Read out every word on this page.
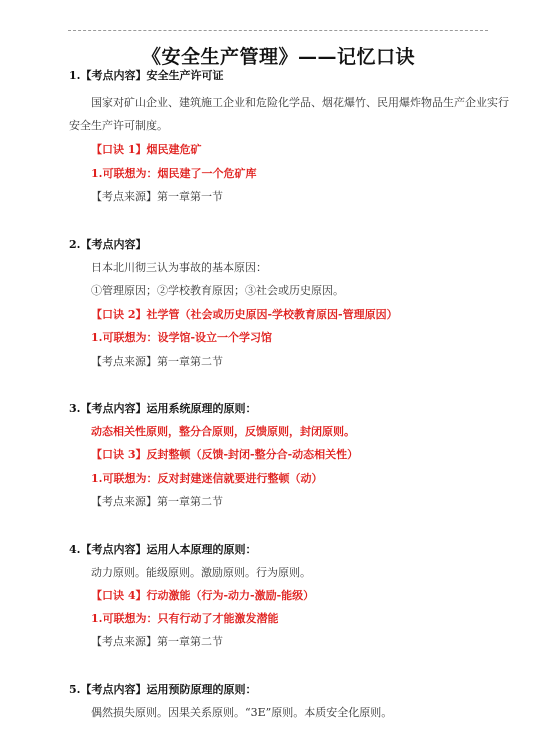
《安全生产管理》——记忆口诀
1.【考点内容】安全生产许可证
国家对矿山企业、建筑施工企业和危险化学品、烟花爆竹、民用爆炸物品生产企业实行
安全生产许可制度。
【口诀 1】烟民建危矿
1.可联想为：烟民建了一个危矿库
【考点来源】第一章第一节
2.【考点内容】
日本北川彻三认为事故的基本原因：
①管理原因；②学校教育原因；③社会或历史原因。
【口诀 2】社学管（社会或历史原因-学校教育原因-管理原因）
1.可联想为：设学馆-设立一个学习馆
【考点来源】第一章第二节
3.【考点内容】运用系统原理的原则：
动态相关性原则，整分合原则，反馈原则，封闭原则。
【口诀 3】反封整顿（反馈-封闭-整分合-动态相关性）
1.可联想为：反对封建迷信就要进行整顿（动）
【考点来源】第一章第二节
4.【考点内容】运用人本原理的原则：
动力原则。能级原则。激励原则。行为原则。
【口诀 4】行动激能（行为-动力-激励-能级）
1.可联想为：只有行动了才能激发潜能
【考点来源】第一章第二节
5.【考点内容】运用预防原理的原则：
偶然损失原则。因果关系原则。“3E”原则。本质安全化原则。
